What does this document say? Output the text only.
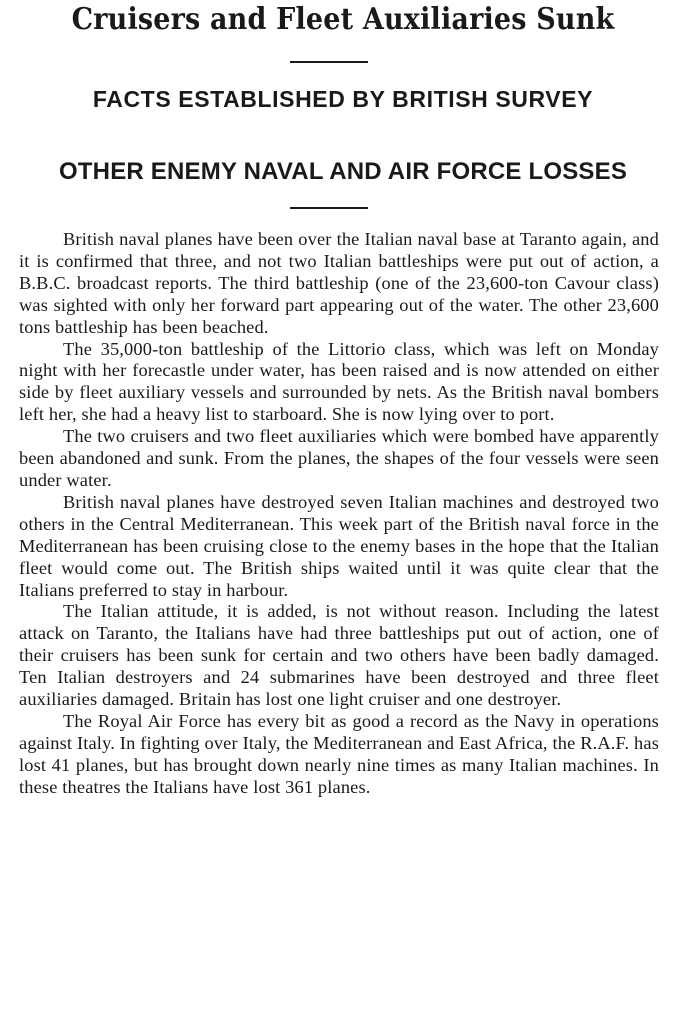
Cruisers and Fleet Auxiliaries Sunk
FACTS ESTABLISHED BY BRITISH SURVEY
OTHER ENEMY NAVAL AND AIR FORCE LOSSES

British naval planes have been over the Italian naval base at Taranto again, and it is confirmed that three, and not two Italian battleships were put out of action, a B.B.C. broadcast reports. The third battleship (one of the 23,600-ton Cavour class) was sighted with only her forward part appearing out of the water. The other 23,600 tons battleship has been beached.

The 35,000-ton battleship of the Littorio class, which was left on Monday night with her forecastle under water, has been raised and is now attended on either side by fleet auxiliary vessels and surrounded by nets. As the British naval bombers left her, she had a heavy list to starboard. She is now lying over to port.

The two cruisers and two fleet auxiliaries which were bombed have apparently been abandoned and sunk. From the planes, the shapes of the four vessels were seen under water.

British naval planes have destroyed seven Italian machines and destroyed two others in the Central Mediterranean. This week part of the British naval force in the Mediterranean has been cruising close to the enemy bases in the hope that the Italian fleet would come out. The British ships waited until it was quite clear that the Italians preferred to stay in harbour.

The Italian attitude, it is added, is not without reason. Including the latest attack on Taranto, the Italians have had three battleships put out of action, one of their cruisers has been sunk for certain and two others have been badly damaged. Ten Italian destroyers and 24 submarines have been destroyed and three fleet auxiliaries damaged. Britain has lost one light cruiser and one destroyer.

The Royal Air Force has every bit as good a record as the Navy in operations against Italy. In fighting over Italy, the Mediterranean and East Africa, the R.A.F. has lost 41 planes, but has brought down nearly nine times as many Italian machines. In these theatres the Italians have lost 361 planes.
